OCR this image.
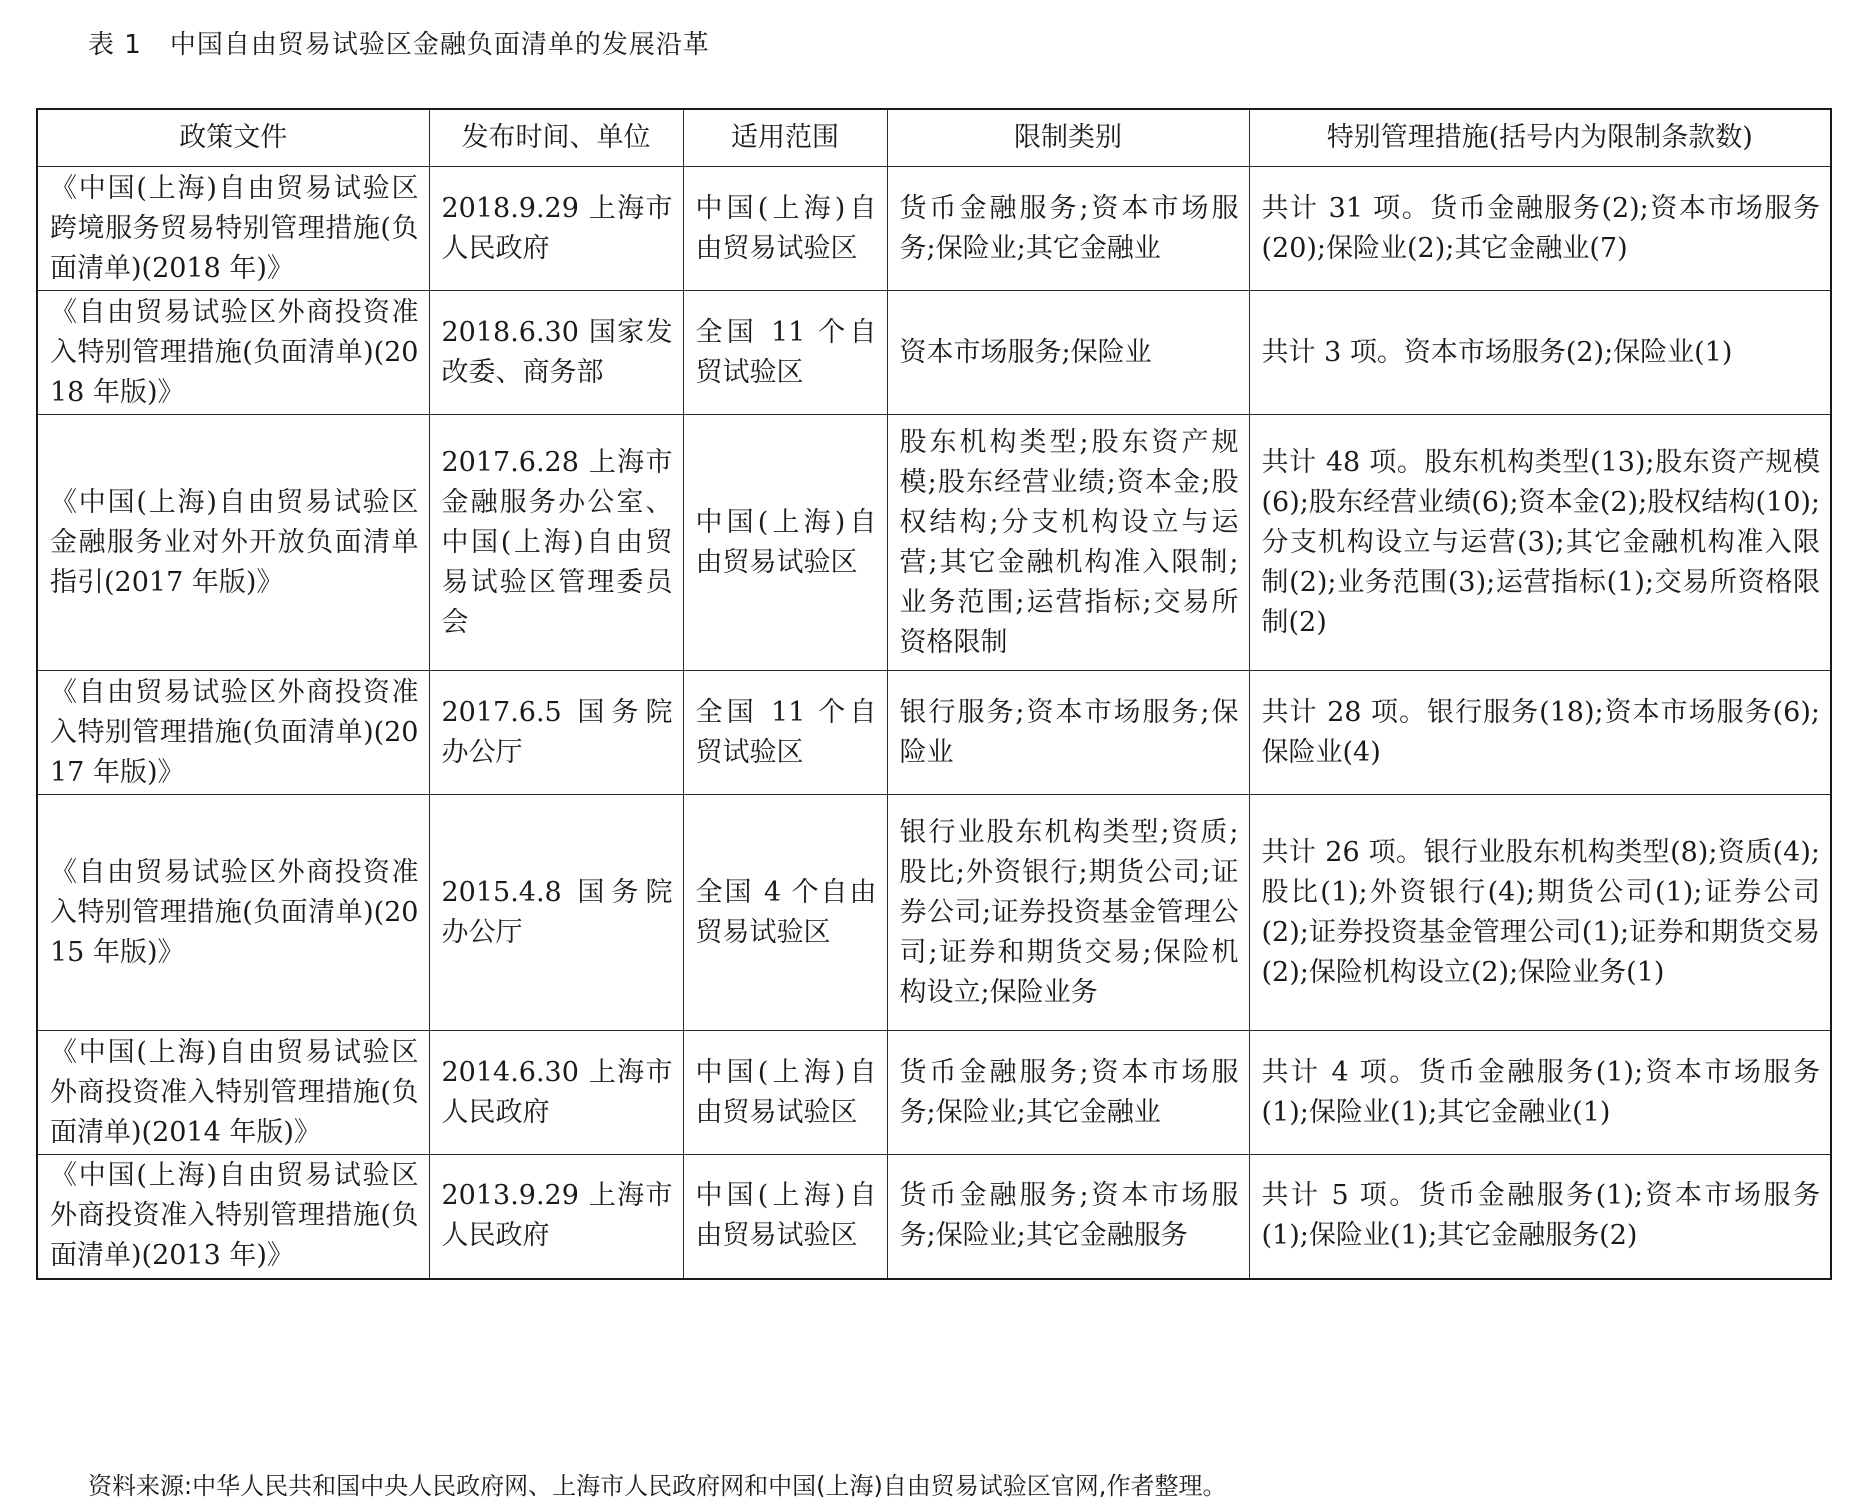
表 1 中国自由贸易试验区金融负面清单的发展沿革
政策文件	发布时间、单位	适用范围	限制类别	特别管理措施(括号内为限制条款数)
《中国(上海)自由贸易试验区跨境服务贸易特别管理措施(负面清单)(2018 年)》	2018.9.29 上海市人民政府	中国(上海)自由贸易试验区	货币金融服务;资本市场服务;保险业;其它金融业	共计 31 项。货币金融服务(2);资本市场服务(20);保险业(2);其它金融业(7)
《自由贸易试验区外商投资准入特别管理措施(负面清单)(2018 年版)》	2018.6.30 国家发改委、商务部	全国 11 个自贸试验区	资本市场服务;保险业	共计 3 项。资本市场服务(2);保险业(1)
《中国(上海)自由贸易试验区金融服务业对外开放负面清单指引(2017 年版)》	2017.6.28 上海市金融服务办公室、中国(上海)自由贸易试验区管理委员会	中国(上海)自由贸易试验区	股东机构类型;股东资产规模;股东经营业绩;资本金;股权结构;分支机构设立与运营;其它金融机构准入限制;业务范围;运营指标;交易所资格限制	共计 48 项。股东机构类型(13);股东资产规模(6);股东经营业绩(6);资本金(2);股权结构(10);分支机构设立与运营(3);其它金融机构准入限制(2);业务范围(3);运营指标(1);交易所资格限制(2)
《自由贸易试验区外商投资准入特别管理措施(负面清单)(2017 年版)》	2017.6.5 国务院办公厅	全国 11 个自贸试验区	银行服务;资本市场服务;保险业	共计 28 项。银行服务(18);资本市场服务(6);保险业(4)
《自由贸易试验区外商投资准入特别管理措施(负面清单)(2015 年版)》	2015.4.8 国务院办公厅	全国 4 个自由贸易试验区	银行业股东机构类型;资质;股比;外资银行;期货公司;证券公司;证券投资基金管理公司;证券和期货交易;保险机构设立;保险业务	共计 26 项。银行业股东机构类型(8);资质(4);股比(1);外资银行(4);期货公司(1);证券公司(2);证券投资基金管理公司(1);证券和期货交易(2);保险机构设立(2);保险业务(1)
《中国(上海)自由贸易试验区外商投资准入特别管理措施(负面清单)(2014 年版)》	2014.6.30 上海市人民政府	中国(上海)自由贸易试验区	货币金融服务;资本市场服务;保险业;其它金融业	共计 4 项。货币金融服务(1);资本市场服务(1);保险业(1);其它金融业(1)
《中国(上海)自由贸易试验区外商投资准入特别管理措施(负面清单)(2013 年)》	2013.9.29 上海市人民政府	中国(上海)自由贸易试验区	货币金融服务;资本市场服务;保险业;其它金融服务	共计 5 项。货币金融服务(1);资本市场服务(1);保险业(1);其它金融服务(2)
资料来源:中华人民共和国中央人民政府网、上海市人民政府网和中国(上海)自由贸易试验区官网,作者整理。
